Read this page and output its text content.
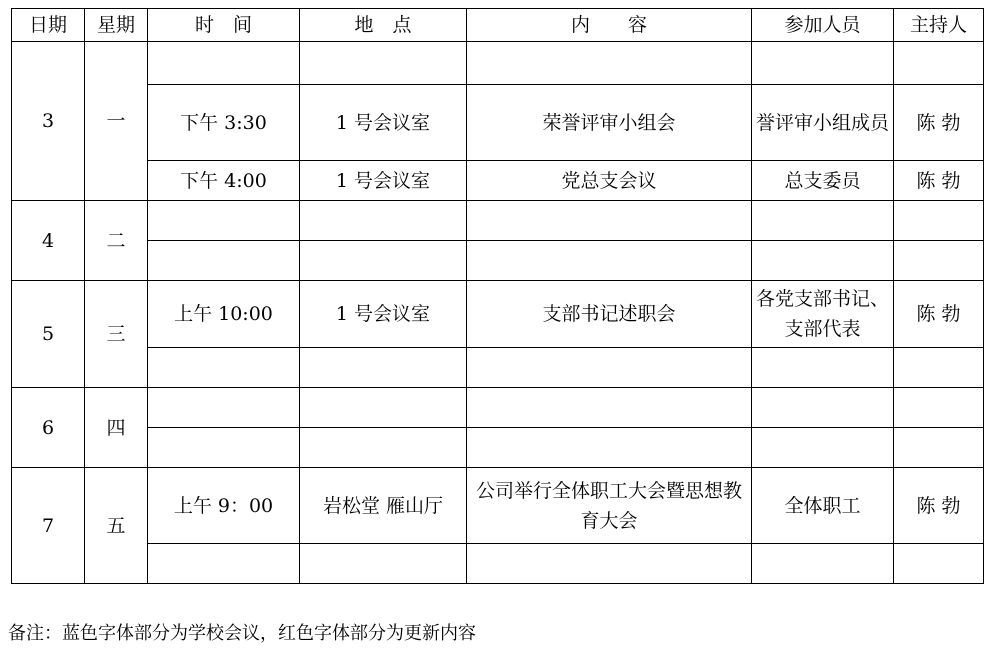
日期	星期	时　间	地　点	内　　容	参加人员	主持人
3	一					
		下午 3:30	1 号会议室	荣誉评审小组会	誉评审小组成员	陈 勃
		下午 4:00	1 号会议室	党总支会议	总支委员	陈 勃
4	二					

5	三	上午 10:00	1 号会议室	支部书记述职会	各党支部书记、支部代表	陈 勃

6	四					

7	五	上午 9：00	岩松堂 雁山厅	公司举行全体职工大会暨思想教育大会	全体职工	陈 勃

备注：蓝色字体部分为学校会议，红色字体部分为更新内容
